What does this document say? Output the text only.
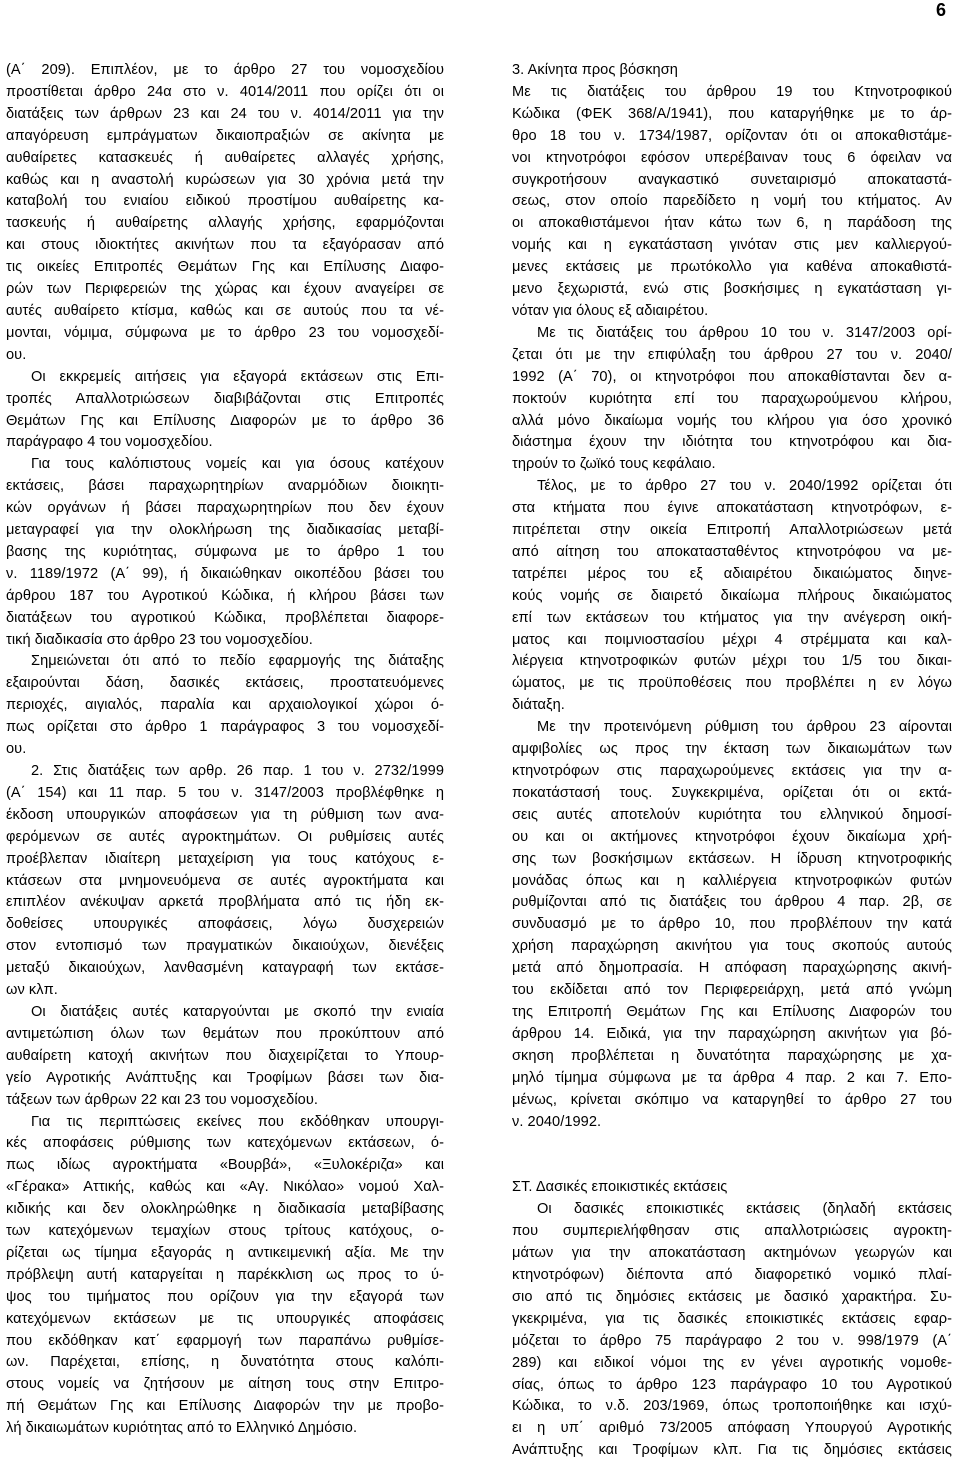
6

(Α΄ 209). Επιπλέον, με το άρθρο 27 του νομοσχεδίου
προστίθεται άρθρο 24α στο ν. 4014/2011 που ορίζει ότι οι
διατάξεις των άρθρων 23 και 24 του ν. 4014/2011 για την
απαγόρευση εμπράγματων δικαιοπραξιών σε ακίνητα με
αυθαίρετες κατασκευές ή αυθαίρετες αλλαγές χρήσης,
καθώς και η αναστολή κυρώσεων για 30 χρόνια μετά την
καταβολή του ενιαίου ειδικού προστίμου αυθαίρετης κα-
τασκευής ή αυθαίρετης αλλαγής χρήσης, εφαρμόζονται
και στους ιδιοκτήτες ακινήτων που τα εξαγόρασαν από
τις οικείες Επιτροπές Θεμάτων Γης και Επίλυσης Διαφο-
ρών των Περιφερειών της χώρας και έχουν αναγείρει σε
αυτές αυθαίρετο κτίσμα, καθώς και σε αυτούς που τα νέ-
μονται, νόμιμα, σύμφωνα με το άρθρο 23 του νομοσχεδί-
ου.

Οι εκκρεμείς αιτήσεις για εξαγορά εκτάσεων στις Επι-
τροπές Απαλλοτριώσεων διαβιβάζονται στις Επιτροπές
Θεμάτων Γης και Επίλυσης Διαφορών με το άρθρο 36
παράγραφο 4 του νομοσχεδίου.

Για τους καλόπιστους νομείς και για όσους κατέχουν
εκτάσεις, βάσει παραχωρητηρίων αναρμόδιων διοικητι-
κών οργάνων ή βάσει παραχωρητηρίων που δεν έχουν
μεταγραφεί για την ολοκλήρωση της διαδικασίας μεταβί-
βασης της κυριότητας, σύμφωνα με το άρθρο 1 του
ν. 1189/1972 (Α΄ 99), ή δικαιώθηκαν οικοπέδου βάσει του
άρθρου 187 του Αγροτικού Κώδικα, ή κλήρου βάσει των
διατάξεων του αγροτικού Κώδικα, προβλέπεται διαφορε-
τική διαδικασία στο άρθρο 23 του νομοσχεδίου.

Σημειώνεται ότι από το πεδίο εφαρμογής της διάταξης
εξαιρούνται δάση, δασικές εκτάσεις, προστατευόμενες
περιοχές, αιγιαλός, παραλία και αρχαιολογικοί χώροι ό-
πως ορίζεται στο άρθρο 1 παράγραφος 3 του νομοσχεδί-
ου.

2. Στις διατάξεις των αρθρ. 26 παρ. 1 του ν. 2732/1999
(Α΄ 154) και 11 παρ. 5 του ν. 3147/2003 προβλέφθηκε η
έκδοση υπουργικών αποφάσεων για τη ρύθμιση των ανα-
φερόμενων σε αυτές αγροκτημάτων. Οι ρυθμίσεις αυτές
προέβλεπαν ιδιαίτερη μεταχείριση για τους κατόχους ε-
κτάσεων στα μνημονευόμενα σε αυτές αγροκτήματα και
επιπλέον ανέκυψαν αρκετά προβλήματα από τις ήδη εκ-
δοθείσες υπουργικές αποφάσεις, λόγω δυσχερειών
στον εντοπισμό των πραγματικών δικαιούχων, διενέξεις
μεταξύ δικαιούχων, λανθασμένη καταγραφή των εκτάσε-
ων κλπ.

Οι διατάξεις αυτές καταργούνται με σκοπό την ενιαία
αντιμετώπιση όλων των θεμάτων που προκύπτουν από
αυθαίρετη κατοχή ακινήτων που διαχειρίζεται το Υπουρ-
γείο Αγροτικής Ανάπτυξης και Τροφίμων βάσει των δια-
τάξεων των άρθρων 22 και 23 του νομοσχεδίου.

Για τις περιπτώσεις εκείνες που εκδόθηκαν υπουργι-
κές αποφάσεις ρύθμισης των κατεχόμενων εκτάσεων, ό-
πως ιδίως αγροκτήματα «Βουρβά», «Ξυλοκέριζα» και
«Γέρακα» Αττικής, καθώς και «Αγ. Νικόλαο» νομού Χαλ-
κιδικής και δεν ολοκληρώθηκε η διαδικασία μεταβίβασης
των κατεχόμενων τεμαχίων στους τρίτους κατόχους, ο-
ρίζεται ως τίμημα εξαγοράς η αντικειμενική αξία. Με την
πρόβλεψη αυτή καταργείται η παρέκκλιση ως προς το ύ-
ψος του τιμήματος που ορίζουν για την εξαγορά των
κατεχόμενων εκτάσεων με τις υπουργικές αποφάσεις
που εκδόθηκαν κατ΄ εφαρμογή των παραπάνω ρυθμίσε-
ων. Παρέχεται, επίσης, η δυνατότητα στους καλόπι-
στους νομείς να ζητήσουν με αίτηση τους στην Επιτρο-
πή Θεμάτων Γης και Επίλυσης Διαφορών την με προβο-
λή δικαιωμάτων κυριότητας από το Ελληνικό Δημόσιο.

3. Ακίνητα προς βόσκηση

Με τις διατάξεις του άρθρου 19 του Κτηνοτροφικού
Κώδικα (ΦΕΚ 368/Α/1941), που καταργήθηκε με το άρ-
θρο 18 του ν. 1734/1987, ορίζονταν ότι οι αποκαθιστάμε-
νοι κτηνοτρόφοι εφόσον υπερέβαιναν τους 6 όφειλαν να
συγκροτήσουν αναγκαστικό συνεταιρισμό αποκαταστά-
σεως, στον οποίο παρεδίδετο η νομή του κτήματος. Αν
οι αποκαθιστάμενοι ήταν κάτω των 6, η παράδοση της
νομής και η εγκατάσταση γινόταν στις μεν καλλιεργού-
μενες εκτάσεις με πρωτόκολλο για καθένα αποκαθιστά-
μενο ξεχωριστά, ενώ στις βοσκήσιμες η εγκατάσταση γι-
νόταν για όλους εξ αδιαιρέτου.

Με τις διατάξεις του άρθρου 10 του ν. 3147/2003 ορί-
ζεται ότι με την επιφύλαξη του άρθρου 27 του ν. 2040/
1992 (Α΄ 70), οι κτηνοτρόφοι που αποκαθίστανται δεν α-
ποκτούν κυριότητα επί του παραχωρούμενου κλήρου,
αλλά μόνο δικαίωμα νομής του κλήρου για όσο χρονικό
διάστημα έχουν την ιδιότητα του κτηνοτρόφου και δια-
τηρούν το ζωϊκό τους κεφάλαιο.

Τέλος, με το άρθρο 27 του ν. 2040/1992 ορίζεται ότι
στα κτήματα που έγινε αποκατάσταση κτηνοτρόφων, ε-
πιτρέπεται στην οικεία Επιτροπή Απαλλοτριώσεων μετά
από αίτηση του αποκατασταθέντος κτηνοτρόφου να με-
τατρέπει μέρος του εξ αδιαιρέτου δικαιώματος διηνε-
κούς νομής σε διαιρετό δικαίωμα πλήρους δικαιώματος
επί των εκτάσεων του κτήματος για την ανέγερση οική-
ματος και ποιμνιοστασίου μέχρι 4 στρέμματα και καλ-
λιέργεια κτηνοτροφικών φυτών μέχρι του 1/5 του δικαι-
ώματος, με τις προϋποθέσεις που προβλέπει η εν λόγω
διάταξη.

Με την προτεινόμενη ρύθμιση του άρθρου 23 αίρονται
αμφιβολίες ως προς την έκταση των δικαιωμάτων των
κτηνοτρόφων στις παραχωρούμενες εκτάσεις για την α-
ποκατάστασή τους. Συγκεκριμένα, ορίζεται ότι οι εκτά-
σεις αυτές αποτελούν κυριότητα του ελληνικού δημοσί-
ου και οι ακτήμονες κτηνοτρόφοι έχουν δικαίωμα χρή-
σης των βοσκήσιμων εκτάσεων. Η ίδρυση κτηνοτροφικής
μονάδας όπως και η καλλιέργεια κτηνοτροφικών φυτών
ρυθμίζονται από τις διατάξεις του άρθρου 4 παρ. 2β, σε
συνδυασμό με το άρθρο 10, που προβλέπουν την κατά
χρήση παραχώρηση ακινήτου για τους σκοπούς αυτούς
μετά από δημοπρασία. Η απόφαση παραχώρησης ακινή-
του εκδίδεται από τον Περιφερειάρχη, μετά από γνώμη
της Επιτροπή Θεμάτων Γης και Επίλυσης Διαφορών του
άρθρου 14. Ειδικά, για την παραχώρηση ακινήτων για βό-
σκηση προβλέπεται η δυνατότητα παραχώρησης με χα-
μηλό τίμημα σύμφωνα με τα άρθρα 4 παρ. 2 και 7. Επο-
μένως, κρίνεται σκόπιμο να καταργηθεί το άρθρο 27 του
ν. 2040/1992.

ΣΤ. Δασικές εποικιστικές εκτάσεις

Οι δασικές εποικιστικές εκτάσεις (δηλαδή εκτάσεις
που συμπεριελήφθησαν στις απαλλοτριώσεις αγροκτη-
μάτων για την αποκατάσταση ακτημόνων γεωργών και
κτηνοτρόφων) διέποντα από διαφορετικό νομικό πλαί-
σιο από τις δημόσιες εκτάσεις με δασικό χαρακτήρα. Συ-
γκεκριμένα, για τις δασικές εποικιστικές εκτάσεις εφαρ-
μόζεται το άρθρο 75 παράγραφο 2 του ν. 998/1979 (Α΄
289) και ειδικοί νόμοι της εν γένει αγροτικής νομοθε-
σίας, όπως το άρθρο 123 παράγραφο 10 του Αγροτικού
Κώδικα, το ν.δ. 203/1969, όπως τροποποιήθηκε και ισχύ-
ει η υπ΄ αριθμό 73/2005 απόφαση Υπουργού Αγροτικής
Ανάπτυξης και Τροφίμων κλπ. Για τις δημόσιες εκτάσεις
